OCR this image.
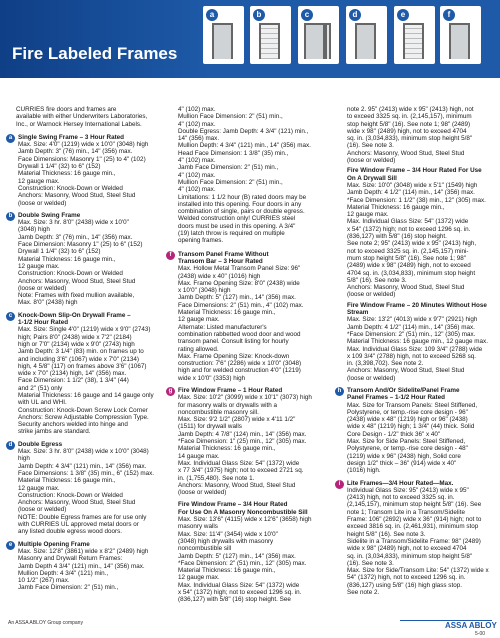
Fire Labeled Frames
a	b	c	d	e	f
CURRIES fire doors and frames are
available with either Underwriters Laboratories,
Inc., or Warnock Hersey International Labels.
a Single Swing Frame – 3 Hour Rated
Max. Size: 4'0" (1219) wide x 10'0" (3048) high
Jamb Depth: 3" (76) min., 14" (356) max.
Face Dimensions: Masonry 1" (25) to 4" (102)
Drywall 1 1/4" (32) to 6" (152)
Material Thickness: 16 gauge min.,
12 gauge max.
Construction: Knock-Down or Welded
Anchors: Masonry, Wood Stud, Steel Stud
(loose or welded)
b Double Swing Frame
Max. Size: 3 hr. 8'0" (2438) wide x 10'0"
(3048) high
Jamb Depth: 3" (76) min., 14" (356) max.
Face Dimension: Masonry 1" (25) to 6" (152)
Drywall 1 1/4" (32) to 6" (152)
Material Thickness: 16 gauge min.,
12 gauge max.
Construction: Knock-Down or Welded
Anchors: Masonry, Wood Stud, Steel Stud
(loose or welded)
Note: Frames with fixed mullion available,
Max. 8'0" (2438) high
c Knock-Down Slip-On Drywall Frame –
1-1/2 Hour Rated
Max. Size: Single 4'0" (1219) wide x 9'0" (2743)
high; Pairs 8'0" (2438) wide x 7'2" (2184)
high or 7'0" (2134) wide x 9'0" (2743) high
Jamb Depth: 3 1/4" (83) min. on frames up to
and including 3'6" (1067) wide x 7'0" (2134)
high, 4 5/8" (117) on frames above 3'6" (1067)
wide x 7'0" (2134) high, 14" (356) max.
Face Dimension: 1 1/2" (38), 1 3/4" (44)
and 2" (51) only
Material Thickness: 16 gauge and 14 gauge only
with UL and WHI.
Construction: Knock-Down Screw Lock Corner
Anchors: Screw Adjustable Compression Type.
Security anchors welded into hinge and
strike jambs are standard.
d Double Egress
Max. Size: 3 hr. 8'0" (2438) wide x 10'0" (3048)
high
Jamb Depth: 4 3/4" (121) min., 14" (356) max.
Face Dimensions: 1 3/8" (35) min., 6" (152) max.
Material Thickness: 16 gauge min.,
12 gauge max.
Construction: Knock-Down or Welded
Anchors: Masonry, Wood Stud, Steel Stud
(loose or welded)
NOTE: Double Egress frames are for use only
with CURRIES UL approved metal doors or
any listed double egress wood doors.
e Multiple Opening Frame
Max. Size: 12'8" (3861) wide x 8'2" (2489) high
Masonry and Drywall Return Frames:
Jamb Depth 4 3/4" (121) min., 14" (356) max.
Mullion Depth: 4 3/4" (121) min.,
10 1/2" (267) max.
Jamb Face Dimension: 2" (51) min.,
4" (102) max.
Mullion Face Dimension: 2" (51) min.,
4" (102) max.
Double Egress: Jamb Depth: 4 3/4" (121) min.,
14" (356) max.
Mullion Depth: 4 3/4" (121) min., 14" (356) max.
Head Face Dimension: 1 3/8" (35) min.,
4" (102) max.
Jamb Face Dimension: 2" (51) min.,
4" (102) max.
Mullion Face Dimension: 2" (51) min.,
4" (102) max.
Limitations: 1 1/2 hour (B) rated doors may be
installed into this opening. Four doors in any
combination of single, pairs or double egress.
Welded construction only! CURRIES steel
doors must be used in this opening. A 3/4"
(19) latch throw is required on multiple
opening frames.
f	Transom Panel Frame Without
Transom Bar – 3 Hour Rated
Max. Hollow Metal Transom Panel Size: 96"
(2438) wide x 40" (1016) high
Max. Frame Opening Size: 8'0" (2438) wide
x 10'0" (3048) high
Jamb Depth: 5" (127) min., 14" (356) max.
Face Dimensions: 2" (51) min., 4" (102) max.
Material Thickness: 16 gauge min.,
12 gauge max.
Alternate: Listed manufacturer's
combination rabbetted wood door and wood
transom panel. Consult listing for hourly
rating allowed.
Max. Frame Opening Size: Knock-down
construction: 7'6" (2286) wide x 10'0" (3048)
high and for welded construction 4'0" (1219)
wide x 10'0" (3353) high
g Fire Window Frame – 1 Hour Rated
Max. Size: 10'2" (3099) wide x 10'1" (3073) high
for masonry walls or drywalls with a
noncombustible masonry sill.
Max. Size: 9'2 1/2" (2807) wide x 4'11 1/2"
(1511) for drywall walls
Jamb Depth: 4 7/8" (124) min., 14" (356) max.
*Face Dimension: 1" (25) min., 12" (305) max.
Material Thickness: 16 gauge min.,
14 gauge max.
Max. Individual Glass Size: 54" (1372) wide
x 77 3/4" (1975) high; not to exceed 2721 sq.
in. (1,755,480). See note 1.
Anchors: Masonry, Wood Stud, Steel Stud
(loose or welded)
Fire Window Frame – 3/4 Hour Rated
For Use On A Masonry Noncombustible Sill
Max. Size: 13'6" (4115) wide x 12'6" (3658) high
masonry walls
Max. Size: 11'4" (3454) wide x 10'0"
(3048) high drywalls with masonry
noncombustible sill
Jamb Depth: 5" (127) min., 14" (356) max.
*Face Dimension: 2" (51) min., 12" (305) max.
Material Thickness: 16 gauge min.,
12 gauge max.
Max. Individual Glass Size: 54" (1372) wide
x 54" (1372) high; not to exceed 1296 sq. in.
(836,127) with 5/8" (16) stop height. See
note 2. 95" (2413) wide x 95" (2413) high, not
to exceed 3325 sq. in. (2,145,157), minimum
stop height 5/8" (16). See note 1; 98" (2489)
wide x 98" (2489) high, not to exceed 4704
sq. in. (3,034,833), minimum stop height 5/8"
(16). See note 3.
Anchors: Masonry, Wood Stud, Steel Stud
(loose or welded)
Fire Window Frame – 3/4 Hour Rated For Use
On A Drywall Sill
Max. Size: 10'0" (3048) wide x 5'1" (1549) high
Jamb Depth: 4 1/2" (114) min., 14" (356) max.
*Face Dimension: 1 1/2" (38) min., 12" (305) max.
Material Thickness: 16 gauge min.,
12 gauge max.
Max. Individual Glass Size: 54" (1372) wide
x 54" (1372) high; not to exceed 1296 sq. in.
(836,127) with 5/8" (16) stop height.
See note 2; 95" (2413) wide x 95" (2413) high,
not to exceed 3325 sq. in. (2,145,157) mini-
mum stop height 5/8" (16). See note 1; 98"
(2489) wide x 98" (2489) high, not to exceed
4704 sq. in. (3,034,833), minimum stop height
5/8" (16). See note 3.
Anchors: Masonry, Wood Stud, Steel Stud
(loose or welded)
Fire Window Frame – 20 Minutes Without Hose
Stream
Max. Size: 13'2" (4013) wide x 9'7" (2921) high
Jamb Depth: 4 1/2" (114) min., 14" (356) max.
*Face Dimension: 2" (51) min., 12" (305) max.
Material Thickness: 16 gauge min., 12 gauge max.
Max. Individual Glass Size: 109 3/4" (2788) wide
x 109 3/4" (2788) high, not to exceed 5268 sq.
in. (3,398,702). See note 2.
Anchors: Masonry, Wood Stud, Steel Stud
(loose or welded)
h Transom And/Or Sidelite/Panel Frame
Panel Frames – 1-1/2 Hour Rated
Max. Size for Transom Panels: Steel Stiffened,
Polystyrene, or temp.-rise core design - 96"
(2438) wide x 48" (1219) high or 96" (2438)
wide x 48" (1219) high; 1 3/4" (44) thick. Solid
Core Design - 1/2" thick 36" x 40"
Max. Size for Side Panels: Steel Stiffened,
Polystyrene, or temp.-rise core design - 48"
(1219) wide x 96" (2438) high, Solid core
design 1/2" thick – 36" (914) wide x 40"
(1016) high.
i	Lite Frames—3/4 Hour Rated—Max.
Individual Glass Size: 95" (2413) wide x 95"
(2413) high, not to exceed 3325 sq. in.
(2,145,157), minimum stop height 5/8" (16). See
note 1; Transom Lite in a Transom/Sidelite
Frame: 106" (2692) wide x 36" (914) high; not to
exceed 3816 sq. in. (2,461,931), minimum stop
height 5/8" (16). See note 3.
Sidelite in a Transom/Sidelite Frame: 98" (2489)
wide x 98" (2489) high, not to exceed 4704
sq. in. (3,034,833), minimum stop height 5/8"
(16). See note 3.
Max. Size for Side/Transom Lite: 54" (1372) wide x
54" (1372) high, not to exceed 1296 sq. in.
(836,127) using 5/8" (16) high glass stop.
See note 2.
An ASSA ABLOY Group company	ASSA ABLOY
5-00
